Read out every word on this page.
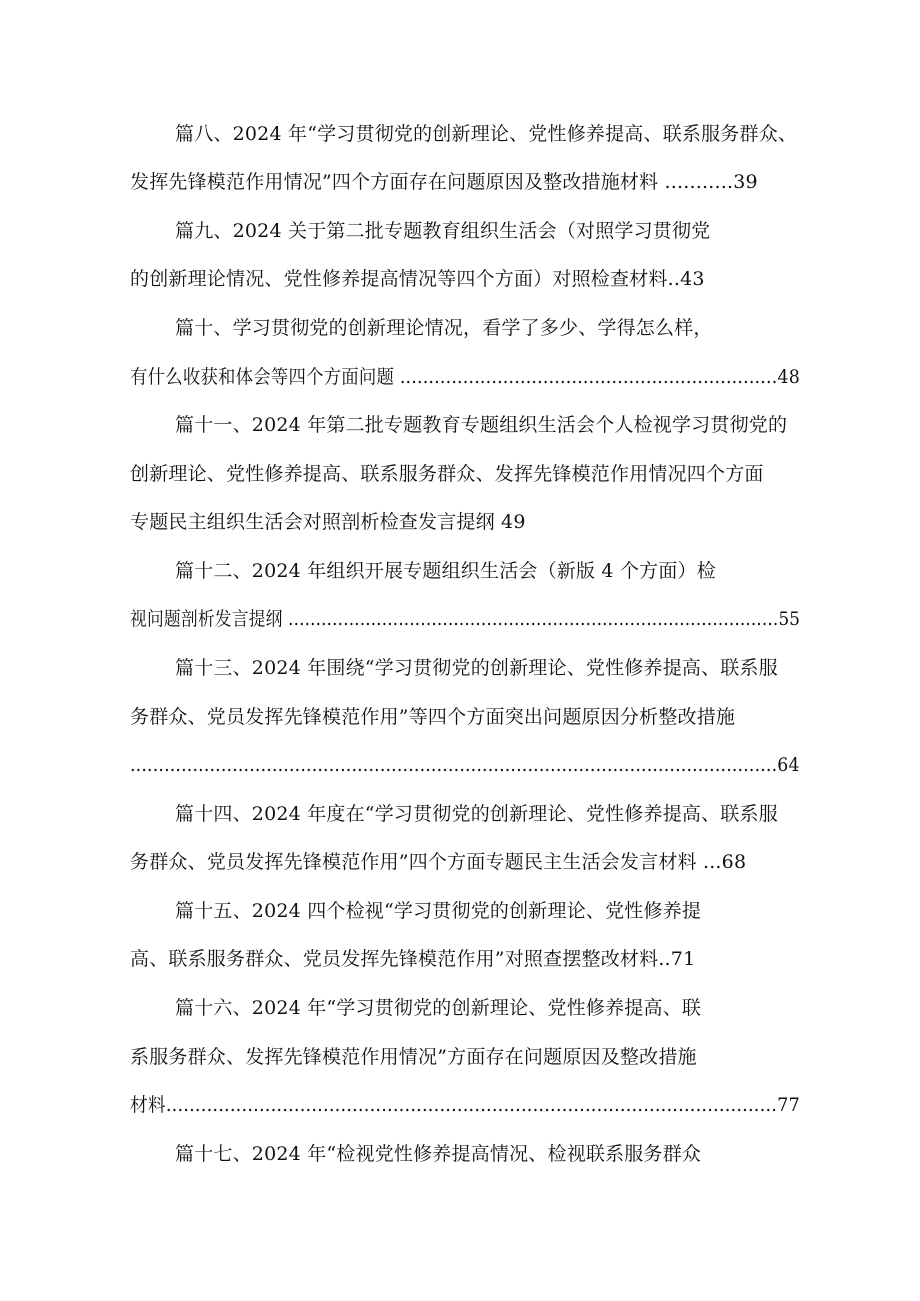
篇八、2024 年“学习贯彻党的创新理论、党性修养提高、联系服务群众、
发挥先锋模范作用情况”四个方面存在问题原因及整改措施材料 ...........39
篇九、2024 关于第二批专题教育组织生活会（对照学习贯彻党
的创新理论情况、党性修养提高情况等四个方面）对照检查材料..43
篇十、学习贯彻党的创新理论情况，看学了多少、学得怎么样，
有什么收获和体会等四个方面问题 ..................................................................48
篇十一、2024 年第二批专题教育专题组织生活会个人检视学习贯彻党的
创新理论、党性修养提高、联系服务群众、发挥先锋模范作用情况四个方面
专题民主组织生活会对照剖析检查发言提纲 49
篇十二、2024 年组织开展专题组织生活会（新版 4 个方面）检
视问题剖析发言提纲 .........................................................................................55
篇十三、2024 年围绕“学习贯彻党的创新理论、党性修养提高、联系服
务群众、党员发挥先锋模范作用”等四个方面突出问题原因分析整改措施
..................................................................................................................64
篇十四、2024 年度在“学习贯彻党的创新理论、党性修养提高、联系服
务群众、党员发挥先锋模范作用”四个方面专题民主生活会发言材料 ...68
篇十五、2024 四个检视“学习贯彻党的创新理论、党性修养提
高、联系服务群众、党员发挥先锋模范作用”对照查摆整改材料..71
篇十六、2024 年“学习贯彻党的创新理论、党性修养提高、联
系服务群众、发挥先锋模范作用情况”方面存在问题原因及整改措施
材料.........................................................................................................77
篇十七、2024 年“检视党性修养提高情况、检视联系服务群众
